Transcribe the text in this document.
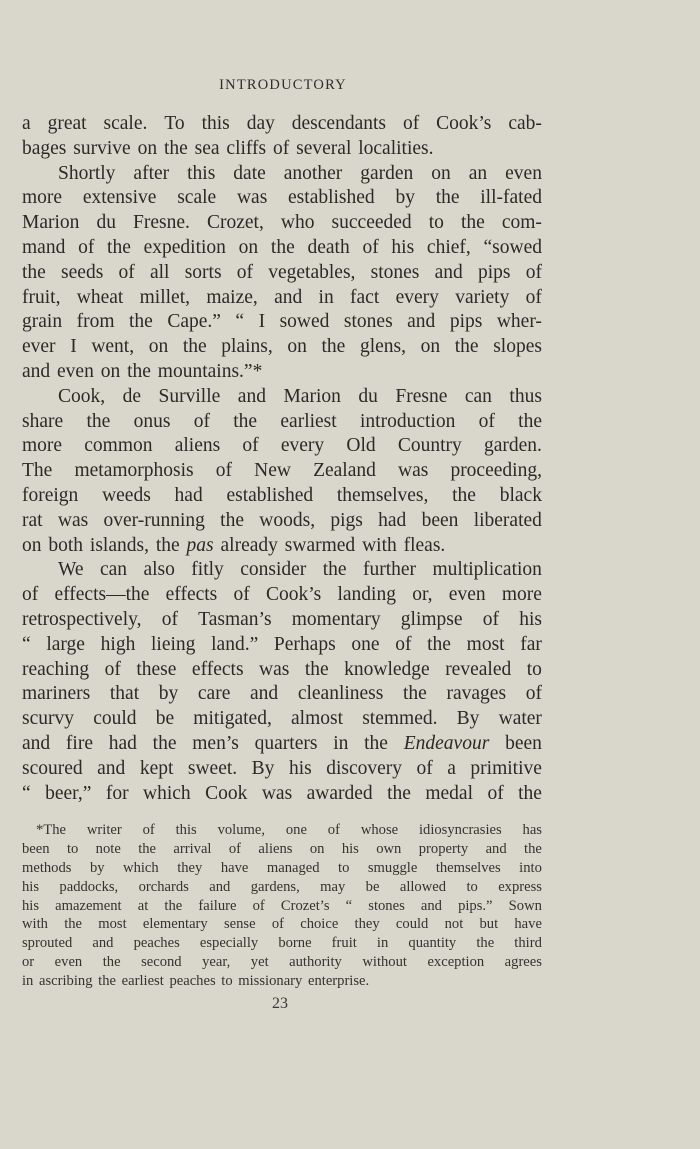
INTRODUCTORY
a great scale. To this day descendants of Cook’s cab-
bages survive on the sea cliffs of several localities.
Shortly after this date another garden on an even
more extensive scale was established by the ill-fated
Marion du Fresne. Crozet, who succeeded to the com-
mand of the expedition on the death of his chief, “sowed
the seeds of all sorts of vegetables, stones and pips of
fruit, wheat millet, maize, and in fact every variety of
grain from the Cape.” “ I sowed stones and pips wher-
ever I went, on the plains, on the glens, on the slopes
and even on the mountains.”*
Cook, de Surville and Marion du Fresne can thus
share the onus of the earliest introduction of the
more common aliens of every Old Country garden.
The metamorphosis of New Zealand was proceeding,
foreign weeds had established themselves, the black
rat was over-running the woods, pigs had been liberated
on both islands, the pas already swarmed with fleas.
We can also fitly consider the further multiplication
of effects—the effects of Cook’s landing or, even more
retrospectively, of Tasman’s momentary glimpse of his
“ large high lieing land.” Perhaps one of the most far
reaching of these effects was the knowledge revealed to
mariners that by care and cleanliness the ravages of
scurvy could be mitigated, almost stemmed. By water
and fire had the men’s quarters in the Endeavour been
scoured and kept sweet. By his discovery of a primitive
“ beer,” for which Cook was awarded the medal of the
*The writer of this volume, one of whose idiosyncrasies has
been to note the arrival of aliens on his own property and the
methods by which they have managed to smuggle themselves into
his paddocks, orchards and gardens, may be allowed to express
his amazement at the failure of Crozet’s “ stones and pips.” Sown
with the most elementary sense of choice they could not but have
sprouted and peaches especially borne fruit in quantity the third
or even the second year, yet authority without exception agrees
in ascribing the earliest peaches to missionary enterprise.
23
